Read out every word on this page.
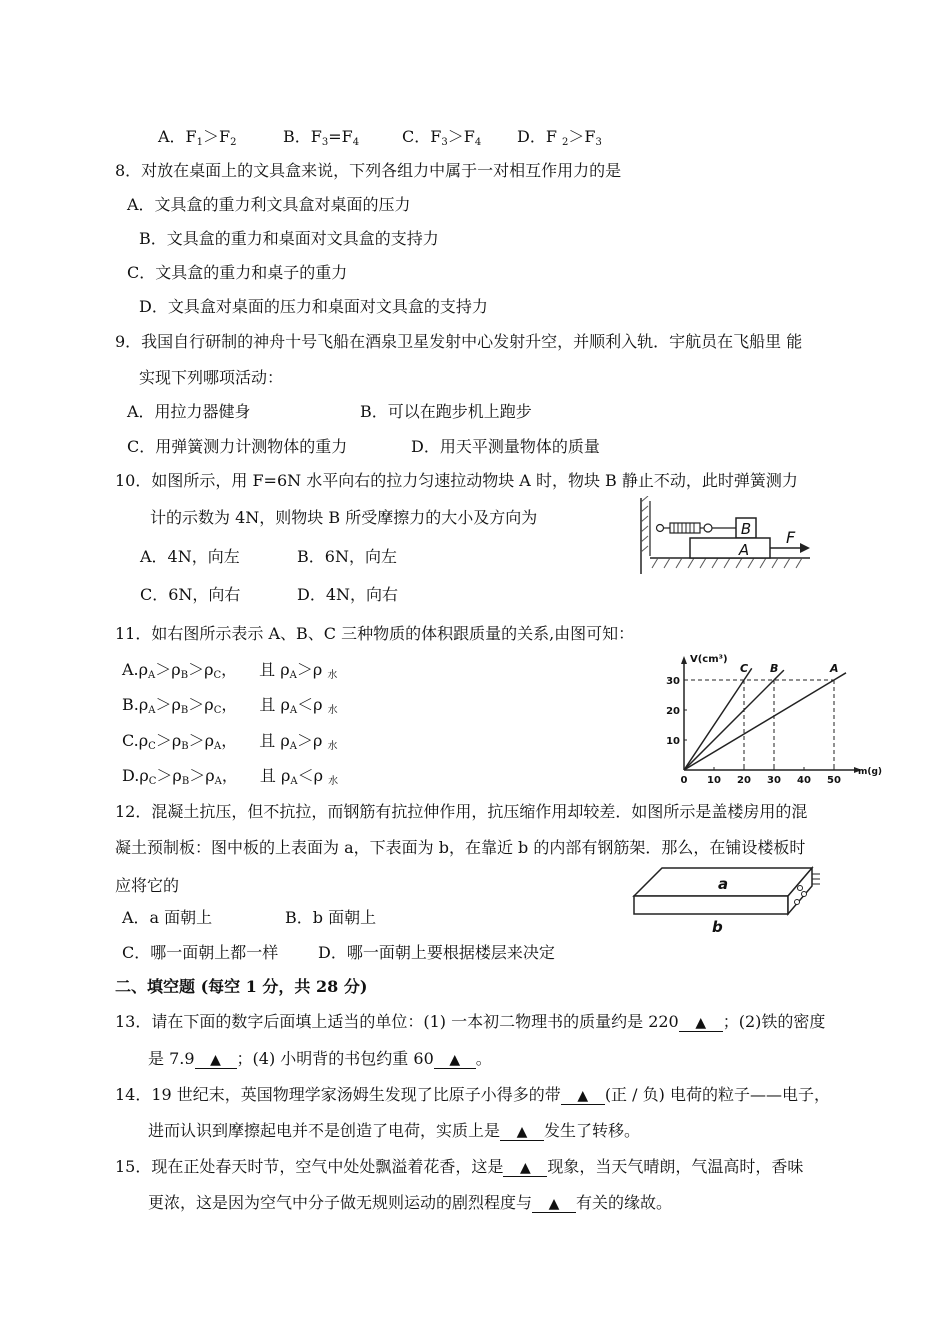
A．$F_1>F_2$	B．$F_3=F_4$	C．$F_3>F_4$ D．F $_2>F_3$
8．对放在桌面上的文具盒来说，下列各组力中属于一对相互作用力的是
A．文具盒的重力利文具盒对桌面的压力
B．文具盒的重力和桌面对文具盒的支持力
C．文具盒的重力和桌子的重力
D．文具盒对桌面的压力和桌面对文具盒的支持力
9．我国自行研制的神舟十号飞船在酒泉卫星发射中心发射升空，并顺利入轨．宇航员在飞船里 能
实现下列哪项活动：
A．用拉力器健身	B．可以在跑步机上跑步
C．用弹簧测力计测物体的重力	D．用天平测量物体的质量
10．如图所示，用 F=6N 水平向右的拉力匀速拉动物块 A 时，物块 B 静止不动，此时弹簧测力
计的示数为 4N，则物块 B 所受摩擦力的大小及方向为
A．4N，向左	B．6N，向左
C．6N，向右	D．4N，向右
B
A
F
11．如右图所示表示 A、B、C 三种物质的体积跟质量的关系,由图可知：
$A.\rho_A>\rho_B>\rho_C$， 且 $\rho_A>\rho$ $_水$
$B.\rho_A>\rho_B>\rho_C$， 且 $\rho_A<\rho$ $_水$
$C.\rho_C>\rho_B>\rho_A$， 且 $\rho_A>\rho$ $_水$
$D.\rho_C>\rho_B>\rho_A$， 且 $\rho_A<\rho$ $_水$
V(cm³)
m(g)
0 10 20 30 40 50
10
20
30
C B	A
12．混凝土抗压，但不抗拉，而钢筋有抗拉伸作用，抗压缩作用却较差．如图所示是盖楼房用的混
凝土预制板：图中板的上表面为 a，下表面为 b，在靠近 b 的内部有钢筋架．那么，在铺设楼板时
应将它的
A．a 面朝上	B．b 面朝上
C．哪一面朝上都一样 D．哪一面朝上要根据楼层来决定
a
b
二、填空题 (每空 1 分，共 28 分)
13．请在下面的数字后面填上适当的单位：(1) 一本初二物理书的质量约是 220 ▲ ；(2)铁的密度
是 7.9 ▲ ；(4) 小明背的书包约重 60 ▲ 。
14．19 世纪末，英国物理学家汤姆生发现了比原子小得多的带 ▲ (正 / 负) 电荷的粒子——电子，
进而认识到摩擦起电并不是创造了电荷，实质上是 ▲ 发生了转移。
15．现在正处春天时节，空气中处处飘溢着花香，这是 ▲ 现象，当天气晴朗，气温高时，香味
更浓，这是因为空气中分子做无规则运动的剧烈程度与 ▲ 有关的缘故。
